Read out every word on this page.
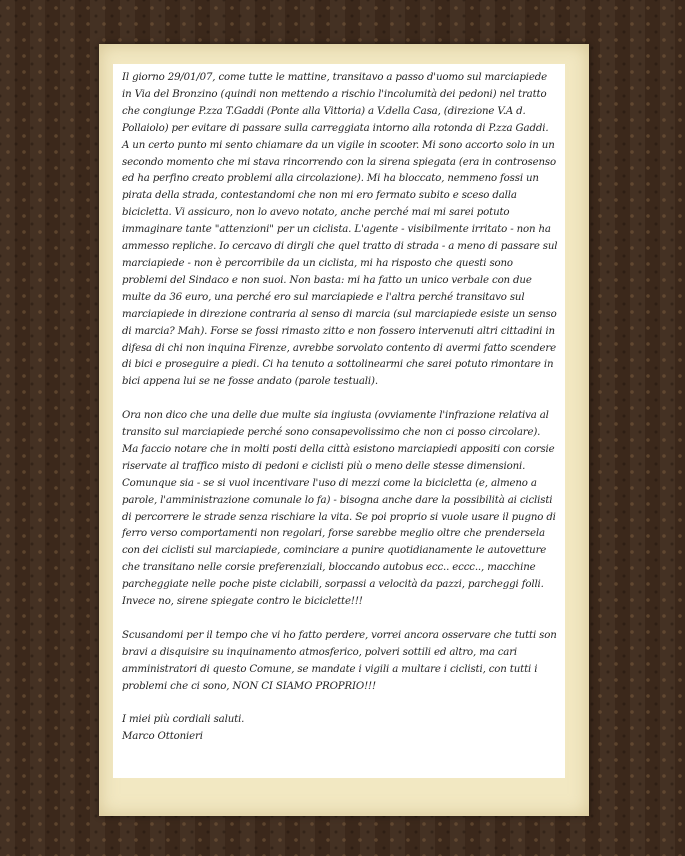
Il giorno 29/01/07, come tutte le mattine, transitavo a passo d'uomo sul marciapiede in Via del Bronzino (quindi non mettendo a rischio l'incolumità dei pedoni) nel tratto che congiunge P.zza T.Gaddi (Ponte alla Vittoria) a V.della Casa, (direzione V.A d. Pollaiolo) per evitare di passare sulla carreggiata intorno alla rotonda di P.zza Gaddi. A un certo punto mi sento chiamare da un vigile in scooter. Mi sono accorto solo in un secondo momento che mi stava rincorrendo con la sirena spiegata (era in controsenso ed ha perfino creato problemi alla circolazione). Mi ha bloccato, nemmeno fossi un pirata della strada, contestandomi che non mi ero fermato subito e sceso dalla bicicletta. Vi assicuro, non lo avevo notato, anche perché mai mi sarei potuto immaginare tante "attenzioni" per un ciclista. L'agente - visibilmente irritato - non ha ammesso repliche. Io cercavo di dirgli che quel tratto di strada - a meno di passare sul marciapiede - non è percorribile da un ciclista, mi ha risposto che questi sono problemi del Sindaco e non suoi. Non basta: mi ha fatto un unico verbale con due multe da 36 euro, una perché ero sul marciapiede e l'altra perché transitavo sul marciapiede in direzione contraria al senso di marcia (sul marciapiede esiste un senso di marcia? Mah). Forse se fossi rimasto zitto e non fossero intervenuti altri cittadini in difesa di chi non inquina Firenze, avrebbe sorvolato contento di avermi fatto scendere di bici e proseguire a piedi. Ci ha tenuto a sottolinearmi che sarei potuto rimontare in bici appena lui se ne fosse andato (parole testuali).

Ora non dico che una delle due multe sia ingiusta (ovviamente l'infrazione relativa al transito sul marciapiede perché sono consapevolissimo che non ci posso circolare). Ma faccio notare che in molti posti della città esistono marciapiedi appositi con corsie riservate al traffico misto di pedoni e ciclisti più o meno delle stesse dimensioni. Comunque sia - se si vuol incentivare l'uso di mezzi come la bicicletta (e, almeno a parole, l'amministrazione comunale lo fa) - bisogna anche dare la possibilità ai ciclisti di percorrere le strade senza rischiare la vita. Se poi proprio si vuole usare il pugno di ferro verso comportamenti non regolari, forse sarebbe meglio oltre che prendersela con dei ciclisti sul marciapiede, cominciare a punire quotidianamente le autovetture che transitano nelle corsie preferenziali, bloccando autobus ecc.. eccc.., macchine parcheggiate nelle poche piste ciclabili, sorpassi a velocità da pazzi, parcheggi folli. Invece no, sirene spiegate contro le biciclette!!!

Scusandomi per il tempo che vi ho fatto perdere, vorrei ancora osservare che tutti son bravi a disquisire su inquinamento atmosferico, polveri sottili ed altro, ma cari amministratori di questo Comune, se mandate i vigili a multare i ciclisti, con tutti i problemi che ci sono, NON CI SIAMO PROPRIO!!!

I miei più cordiali saluti.

Marco Ottonieri
